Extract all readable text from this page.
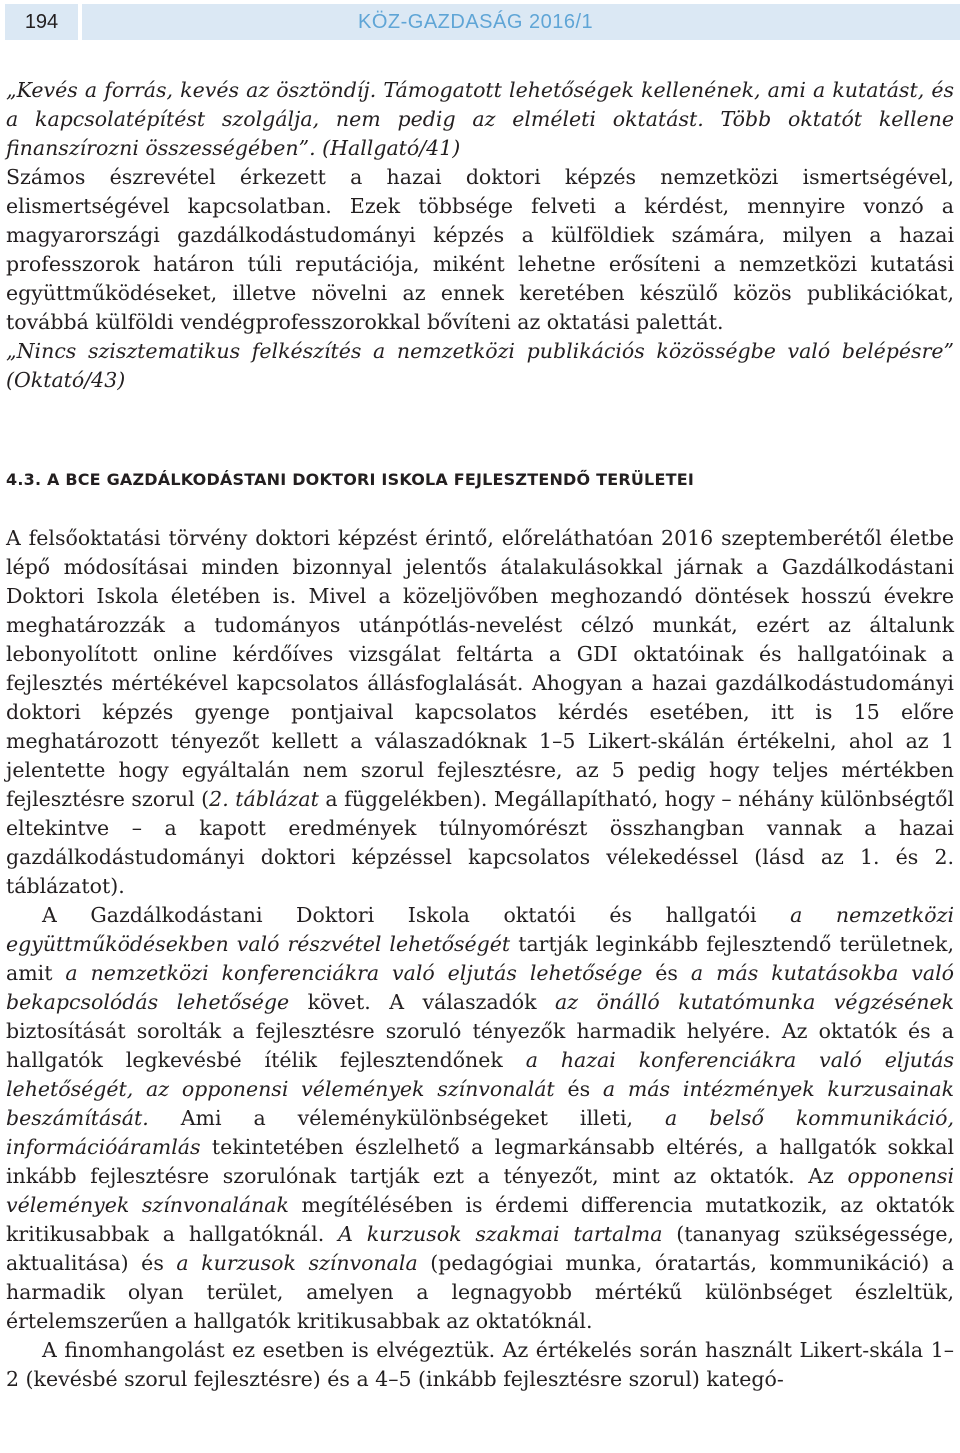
194	KÖZ-GAZDASÁG 2016/1

„Kevés a forrás, kevés az ösztöndíj. Támogatott lehetőségek kellenének, ami a kutatást, és a kapcsolatépítést szolgálja, nem pedig az elméleti oktatást. Több oktatót kellene finanszírozni összességében”. (Hallgató/41)

Számos észrevétel érkezett a hazai doktori képzés nemzetközi ismertségével, elismertségével kapcsolatban. Ezek többsége felveti a kérdést, mennyire vonzó a magyarországi gazdálkodástudományi képzés a külföldiek számára, milyen a hazai professzorok határon túli reputációja, miként lehetne erősíteni a nemzetközi kutatási együttműködéseket, illetve növelni az ennek keretében készülő közös publikációkat, továbbá külföldi vendégprofesszorokkal bővíteni az oktatási palettát.

„Nincs szisztematikus felkészítés a nemzetközi publikációs közösségbe való belépésre” (Oktató/43)

4.3. A BCE GAZDÁLKODÁSTANI DOKTORI ISKOLA FEJLESZTENDŐ TERÜLETEI

A felsőoktatási törvény doktori képzést érintő, előreláthatóan 2016 szeptemberétől életbe lépő módosításai minden bizonnyal jelentős átalakulásokkal járnak a Gazdálkodástani Doktori Iskola életében is. Mivel a közeljövőben meghozandó döntések hosszú évekre meghatározzák a tudományos utánpótlás-nevelést célzó munkát, ezért az általunk lebonyolított online kérdőíves vizsgálat feltárta a GDI oktatóinak és hallgatóinak a fejlesztés mértékével kapcsolatos állásfoglalását. Ahogyan a hazai gazdálkodástudományi doktori képzés gyenge pontjaival kapcsolatos kérdés esetében, itt is 15 előre meghatározott tényezőt kellett a válaszadóknak 1–5 Likert-skálán értékelni, ahol az 1 jelentette hogy egyáltalán nem szorul fejlesztésre, az 5 pedig hogy teljes mértékben fejlesztésre szorul (2. táblázat a függelékben). Megállapítható, hogy – néhány különbségtől eltekintve – a kapott eredmények túlnyomórészt összhangban vannak a hazai gazdálkodástudományi doktori képzéssel kapcsolatos vélekedéssel (lásd az 1. és 2. táblázatot).

A Gazdálkodástani Doktori Iskola oktatói és hallgatói a nemzetközi együttműködésekben való részvétel lehetőségét tartják leginkább fejlesztendő területnek, amit a nemzetközi konferenciákra való eljutás lehetősége és a más kutatásokba való bekapcsolódás lehetősége követ. A válaszadók az önálló kutatómunka végzésének biztosítását sorolták a fejlesztésre szoruló tényezők harmadik helyére. Az oktatók és a hallgatók legkevésbé ítélik fejlesztendőnek a hazai konferenciákra való eljutás lehetőségét, az opponensi vélemények színvonalát és a más intézmények kurzusainak beszámítását. Ami a véleménykülönbségeket illeti, a belső kommunikáció, információáramlás tekintetében észlelhető a legmarkánsabb eltérés, a hallgatók sokkal inkább fejlesztésre szorulónak tartják ezt a tényezőt, mint az oktatók. Az opponensi vélemények színvonalának megítélésében is érdemi differencia mutatkozik, az oktatók kritikusabbak a hallgatóknál. A kurzusok szakmai tartalma (tananyag szükségessége, aktualitása) és a kurzusok színvonala (pedagógiai munka, óratartás, kommunikáció) a harmadik olyan terület, amelyen a legnagyobb mértékű különbséget észleltük, értelemszerűen a hallgatók kritikusabbak az oktatóknál.

A finomhangolást ez esetben is elvégeztük. Az értékelés során használt Likert-skála 1–2 (kevésbé szorul fejlesztésre) és a 4–5 (inkább fejlesztésre szorul) kategó-
